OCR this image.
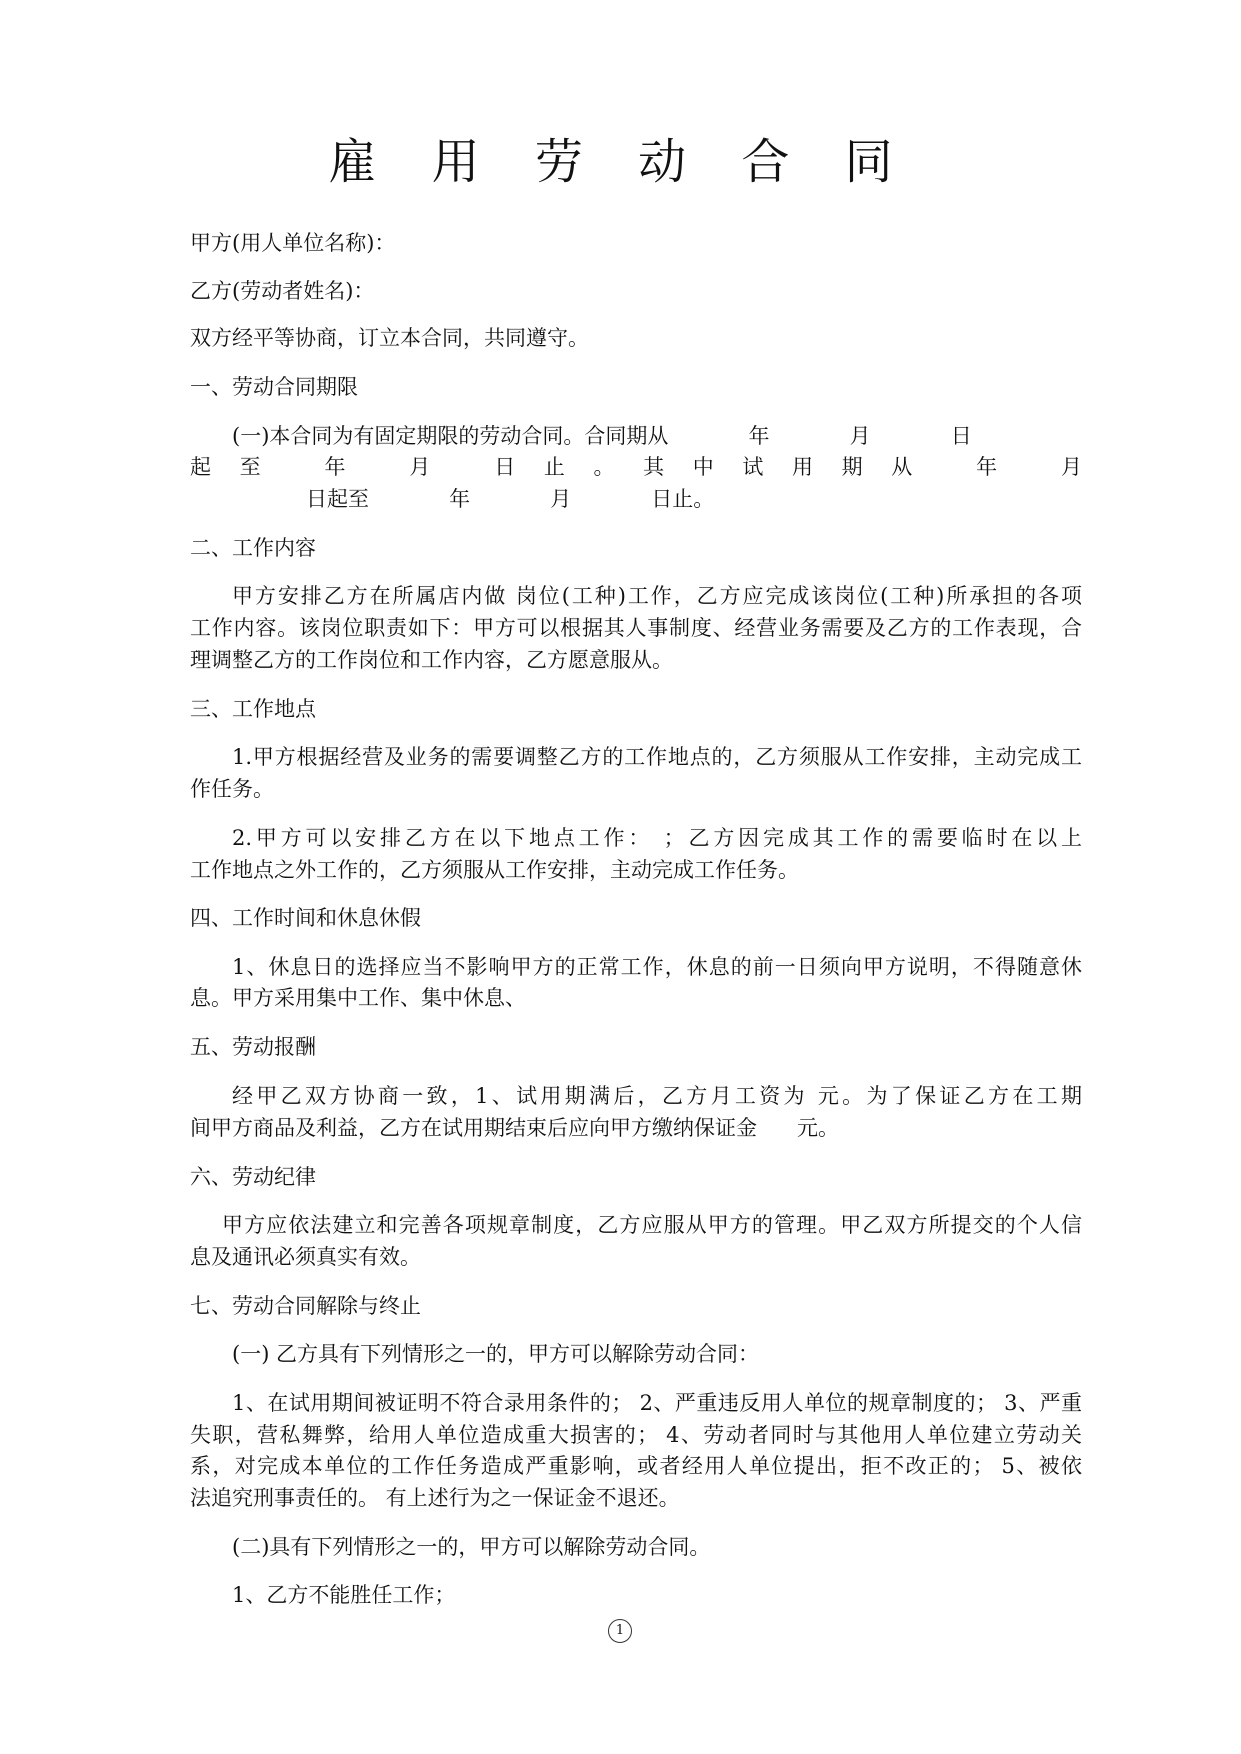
雇 用 劳 动 合 同

甲方(用人单位名称)：

乙方(劳动者姓名)：

双方经平等协商，订立本合同，共同遵守。

一、劳动合同期限

(一)本合同为有固定期限的劳动合同。合同期从            年            月            日

起至 年 月 日止。其中试用期从 年 月

日起至            年            月            日止。

二、工作内容

甲方安排乙方在所属店内做 岗位(工种)工作，乙方应完成该岗位(工种)所承担的各项

工作内容。该岗位职责如下：甲方可以根据其人事制度、经营业务需要及乙方的工作表现，合

理调整乙方的工作岗位和工作内容，乙方愿意服从。

三、工作地点

1.甲方根据经营及业务的需要调整乙方的工作地点的，乙方须服从工作安排，主动完成工

作任务。

2.甲方可以安排乙方在以下地点工作： ；乙方因完成其工作的需要临时在以上

工作地点之外工作的，乙方须服从工作安排，主动完成工作任务。

四、工作时间和休息休假

1、休息日的选择应当不影响甲方的正常工作，休息的前一日须向甲方说明，不得随意休

息。甲方采用集中工作、集中休息、

五、劳动报酬

经甲乙双方协商一致，1、试用期满后，乙方月工资为 元。为了保证乙方在工期

间甲方商品及利益，乙方在试用期结束后应向甲方缴纳保证金      元。

六、劳动纪律

甲方应依法建立和完善各项规章制度，乙方应服从甲方的管理。甲乙双方所提交的个人信

息及通讯必须真实有效。

七、劳动合同解除与终止

(一) 乙方具有下列情形之一的，甲方可以解除劳动合同：

1、在试用期间被证明不符合录用条件的； 2、严重违反用人单位的规章制度的； 3、严重

失职，营私舞弊，给用人单位造成重大损害的； 4、劳动者同时与其他用人单位建立劳动关

系，对完成本单位的工作任务造成严重影响，或者经用人单位提出，拒不改正的； 5、被依

法追究刑事责任的。 有上述行为之一保证金不退还。

(二)具有下列情形之一的，甲方可以解除劳动合同。

1、乙方不能胜任工作；

1
